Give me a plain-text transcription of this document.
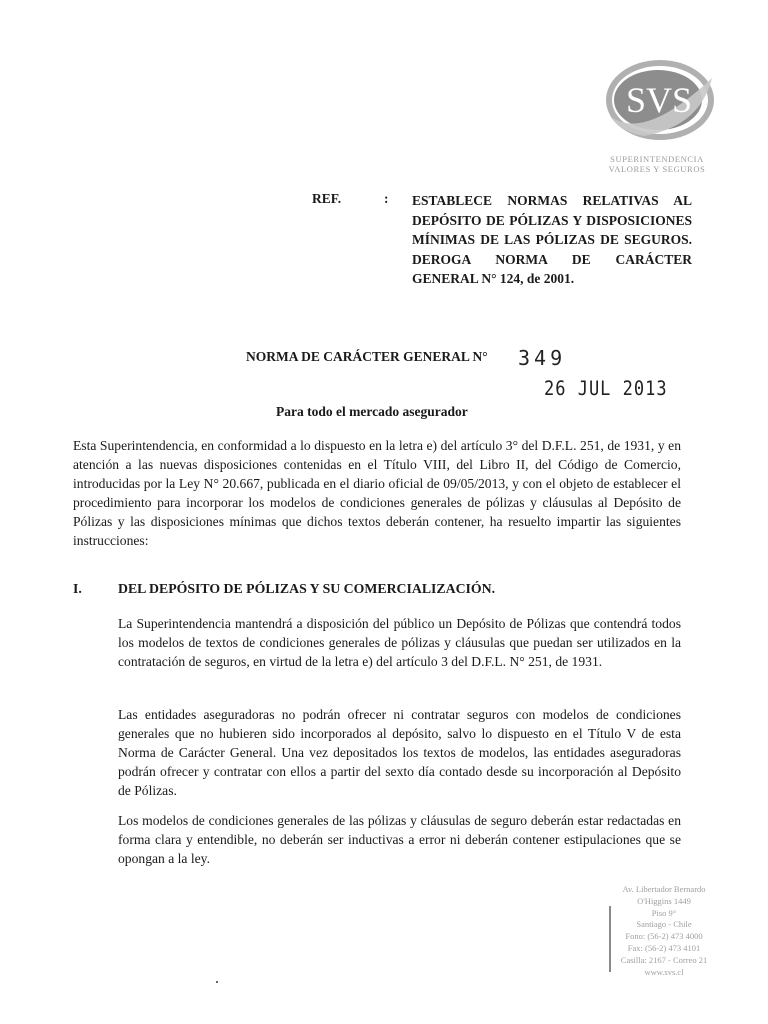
SVS
SUPERINTENDENCIA
VALORES Y SEGUROS
REF.	: ESTABLECE NORMAS RELATIVAS AL DEPÓSITO DE PÓLIZAS Y DISPOSICIONES MÍNIMAS DE LAS PÓLIZAS DE SEGUROS. DEROGA NORMA DE CARÁCTER GENERAL N° 124, de 2001.
NORMA DE CARÁCTER GENERAL N° 349
26 JUL 2013
Para todo el mercado asegurador
Esta Superintendencia, en conformidad a lo dispuesto en la letra e) del artículo 3° del D.F.L. 251, de 1931, y en atención a las nuevas disposiciones contenidas en el Título VIII, del Libro II, del Código de Comercio, introducidas por la Ley N° 20.667, publicada en el diario oficial de 09/05/2013, y con el objeto de establecer el procedimiento para incorporar los modelos de condiciones generales de pólizas y cláusulas al Depósito de Pólizas y las disposiciones mínimas que dichos textos deberán contener, ha resuelto impartir las siguientes instrucciones:
I.	DEL DEPÓSITO DE PÓLIZAS Y SU COMERCIALIZACIÓN.
La Superintendencia mantendrá a disposición del público un Depósito de Pólizas que contendrá todos los modelos de textos de condiciones generales de pólizas y cláusulas que puedan ser utilizados en la contratación de seguros, en virtud de la letra e) del artículo 3 del D.F.L. N° 251, de 1931.
Las entidades aseguradoras no podrán ofrecer ni contratar seguros con modelos de condiciones generales que no hubieren sido incorporados al depósito, salvo lo dispuesto en el Título V de esta Norma de Carácter General. Una vez depositados los textos de modelos, las entidades aseguradoras podrán ofrecer y contratar con ellos a partir del sexto día contado desde su incorporación al Depósito de Pólizas.
Los modelos de condiciones generales de las pólizas y cláusulas de seguro deberán estar redactadas en forma clara y entendible, no deberán ser inductivas a error ni deberán contener estipulaciones que se opongan a la ley.
Av. Libertador Bernardo
O'Higgins 1449
Piso 9°
Santiago - Chile
Fono: (56-2) 473 4000
Fax: (56-2) 473 4101
Casilla: 2167 - Correo 21
www.svs.cl
